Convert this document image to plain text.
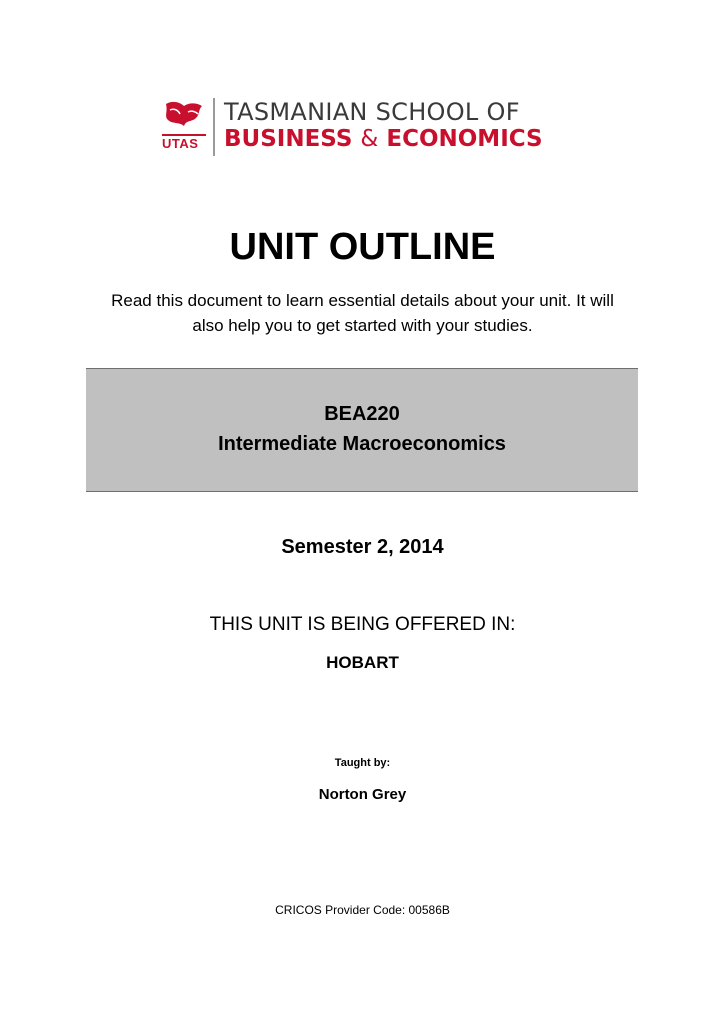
UTAS
TASMANIAN SCHOOL OF
BUSINESS & ECONOMICS
UNIT OUTLINE

Read this document to learn essential details about your unit. It will
also help you to get started with your studies.

BEA220
Intermediate Macroeconomics
Semester 2, 2014
THIS UNIT IS BEING OFFERED IN:
HOBART
Taught by:
Norton Grey
CRICOS Provider Code: 00586B
